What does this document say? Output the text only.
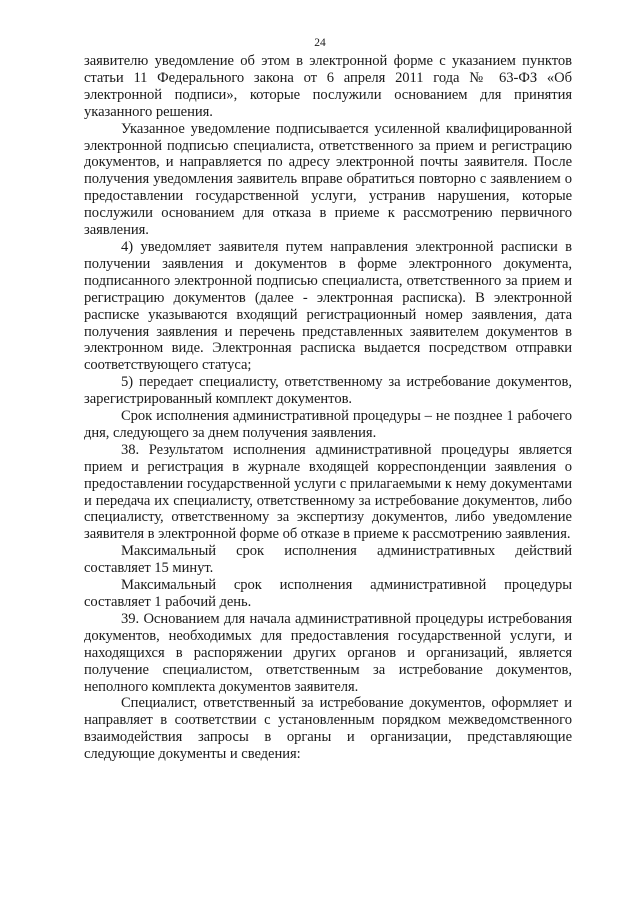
24

заявителю уведомление об этом в электронной форме с указанием пунктов статьи 11 Федерального закона от 6 апреля 2011 года № 63-ФЗ «Об электронной подписи», которые послужили основанием для принятия указанного решения.

Указанное уведомление подписывается усиленной квалифицированной электронной подписью специалиста, ответственного за прием и регистрацию документов, и направляется по адресу электронной почты заявителя. После получения уведомления заявитель вправе обратиться повторно с заявлением о предоставлении государственной услуги, устранив нарушения, которые послужили основанием для отказа в приеме к рассмотрению первичного заявления.

4) уведомляет заявителя путем направления электронной расписки в получении заявления и документов в форме электронного документа, подписанного электронной подписью специалиста, ответственного за прием и регистрацию документов (далее - электронная расписка). В электронной расписке указываются входящий регистрационный номер заявления, дата получения заявления и перечень представленных заявителем документов в электронном виде. Электронная расписка выдается посредством отправки соответствующего статуса;

5) передает специалисту, ответственному за истребование документов, зарегистрированный комплект документов.

Срок исполнения административной процедуры – не позднее 1 рабочего дня, следующего за днем получения заявления.

38. Результатом исполнения административной процедуры является прием и регистрация в журнале входящей корреспонденции заявления о предоставлении государственной услуги с прилагаемыми к нему документами и передача их специалисту, ответственному за истребование документов, либо специалисту, ответственному за экспертизу документов, либо уведомление заявителя в электронной форме об отказе в приеме к рассмотрению заявления.

Максимальный срок исполнения административных действий составляет 15 минут.

Максимальный срок исполнения административной процедуры составляет 1 рабочий день.

39. Основанием для начала административной процедуры истребования документов, необходимых для предоставления государственной услуги, и находящихся в распоряжении других органов и организаций, является получение специалистом, ответственным за истребование документов, неполного комплекта документов заявителя.

Специалист, ответственный за истребование документов, оформляет и направляет в соответствии с установленным порядком межведомственного взаимодействия запросы в органы и организации, представляющие следующие документы и сведения:
